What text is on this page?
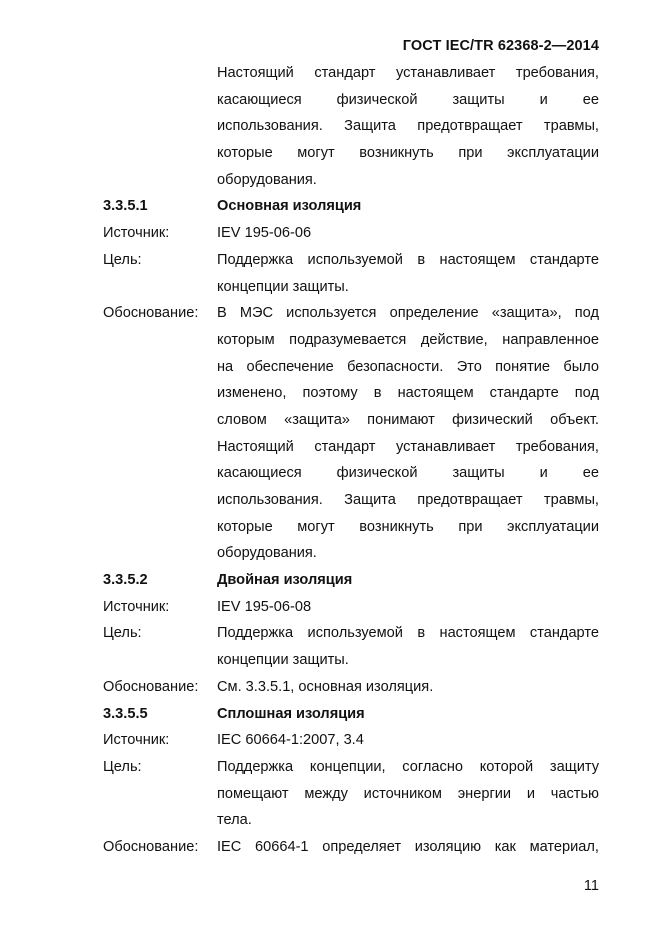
ГОСТ IEC/TR 62368-2—2014
Настоящий стандарт устанавливает требования,
касающиеся физической защиты и ее
использования. Защита предотвращает травмы,
которые могут возникнуть при эксплуатации
оборудования.
3.3.5.1	Основная изоляция
Источник:	IEV 195-06-06
Цель:	Поддержка используемой в настоящем стандарте
концепции защиты.
Обоснование: В МЭС используется определение «защита», под
которым подразумевается действие, направленное
на обеспечение безопасности. Это понятие было
изменено, поэтому в настоящем стандарте под
словом «защита» понимают физический объект.
Настоящий стандарт устанавливает требования,
касающиеся физической защиты и ее
использования. Защита предотвращает травмы,
которые могут возникнуть при эксплуатации
оборудования.
3.3.5.2	Двойная изоляция
Источник:	IEV 195-06-08
Цель:	Поддержка используемой в настоящем стандарте
концепции защиты.
Обоснование: См. 3.3.5.1, основная изоляция.
3.3.5.5	Сплошная изоляция
Источник:	IEC 60664-1:2007, 3.4
Цель:	Поддержка концепции, согласно которой защиту
помещают между источником энергии и частью
тела.
Обоснование: IEC 60664-1 определяет изоляцию как материал,
11
